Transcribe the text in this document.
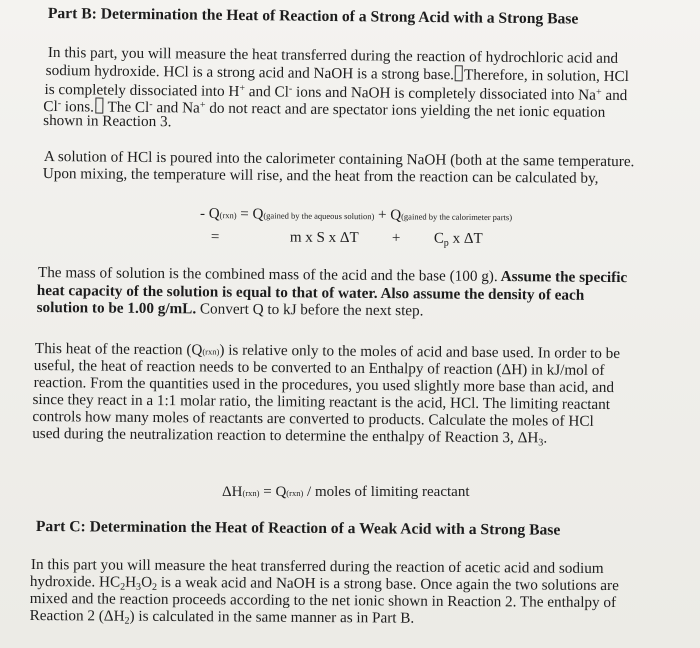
Part B: Determination the Heat of Reaction of a Strong Acid with a Strong Base
In this part, you will measure the heat transferred during the reaction of hydrochloric acid and
sodium hydroxide. HCl is a strong acid and NaOH is a strong base. Therefore, in solution, HCl
is completely dissociated into H+ and Cl- ions and NaOH is completely dissociated into Na+ and
Cl- ions. The Cl- and Na+ do not react and are spectator ions yielding the net ionic equation
shown in Reaction 3.
A solution of HCl is poured into the calorimeter containing NaOH (both at the same temperature.
Upon mixing, the temperature will rise, and the heat from the reaction can be calculated by,
- Q(rxn) = Q(gained by the aqueous solution) + Q(gained by the calorimeter parts)
=	m x S x $\Delta T + C_p$ x ΔT
The mass of solution is the combined mass of the acid and the base (100 g). Assume the specific
heat capacity of the solution is equal to that of water. Also assume the density of each
solution to be 1.00 g/mL. Convert Q to kJ before the next step.
This heat of the reaction (Q(rxn)) is relative only to the moles of acid and base used. In order to be
useful, the heat of reaction needs to be converted to an Enthalpy of reaction (ΔH) in kJ/mol of
reaction. From the quantities used in the procedures, you used slightly more base than acid, and
since they react in a 1:1 molar ratio, the limiting reactant is the acid, HCl. The limiting reactant
controls how many moles of reactants are converted to products. Calculate the moles of HCl
used during the neutralization reaction to determine the enthalpy of Reaction 3, $\Delta H_3$.
ΔH(rxn) = Q(rxn) / moles of limiting reactant
Part C: Determination the Heat of Reaction of a Weak Acid with a Strong Base
In this part you will measure the heat transferred during the reaction of acetic acid and sodium
hydroxide. $HC_2H_3O_2$ is a weak acid and NaOH is a strong base. Once again the two solutions are
mixed and the reaction proceeds according to the net ionic shown in Reaction 2. The enthalpy of
Reaction 2 $(\Delta H_2)$ is calculated in the same manner as in Part B.
